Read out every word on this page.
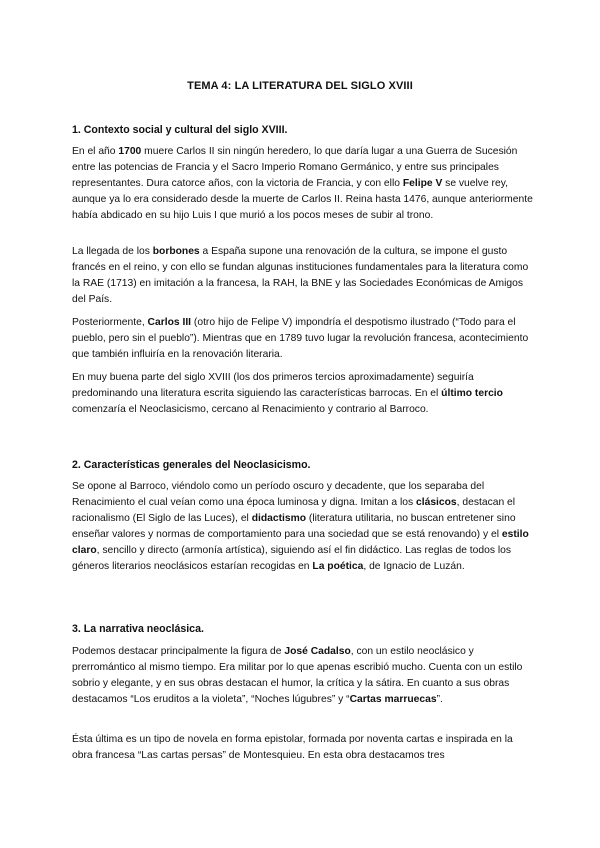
TEMA 4: LA LITERATURA DEL SIGLO XVIII
1. Contexto social y cultural del siglo XVIII.

En el año 1700 muere Carlos II sin ningún heredero, lo que daría lugar a una Guerra de Sucesión entre las potencias de Francia y el Sacro Imperio Romano Germánico, y entre sus principales representantes. Dura catorce años, con la victoria de Francia, y con ello Felipe V se vuelve rey, aunque ya lo era considerado desde la muerte de Carlos II. Reina hasta 1476, aunque anteriormente había abdicado en su hijo Luis I que murió a los pocos meses de subir al trono.

La llegada de los borbones a España supone una renovación de la cultura, se impone el gusto francés en el reino, y con ello se fundan algunas instituciones fundamentales para la literatura como la RAE (1713) en imitación a la francesa, la RAH, la BNE y las Sociedades Económicas de Amigos del País.

Posteriormente, Carlos III (otro hijo de Felipe V) impondría el despotismo ilustrado (“Todo para el pueblo, pero sin el pueblo”). Mientras que en 1789 tuvo lugar la revolución francesa, acontecimiento que también influiría en la renovación literaria.

En muy buena parte del siglo XVIII (los dos primeros tercios aproximadamente) seguiría predominando una literatura escrita siguiendo las características barrocas. En el último tercio comenzaría el Neoclasicismo, cercano al Renacimiento y contrario al Barroco.

2. Características generales del Neoclasicismo.

Se opone al Barroco, viéndolo como un período oscuro y decadente, que los separaba del Renacimiento el cual veían como una época luminosa y digna. Imitan a los clásicos, destacan el racionalismo (El Siglo de las Luces), el didactismo (literatura utilitaria, no buscan entretener sino enseñar valores y normas de comportamiento para una sociedad que se está renovando) y el estilo claro, sencillo y directo (armonía artística), siguiendo así el fin didáctico. Las reglas de todos los géneros literarios neoclásicos estarían recogidas en La poética, de Ignacio de Luzán.

3. La narrativa neoclásica.

Podemos destacar principalmente la figura de José Cadalso, con un estilo neoclásico y prerromántico al mismo tiempo. Era militar por lo que apenas escribió mucho. Cuenta con un estilo sobrio y elegante, y en sus obras destacan el humor, la crítica y la sátira. En cuanto a sus obras destacamos “Los eruditos a la violeta”, “Noches lúgubres” y “Cartas marruecas”.

Ésta última es un tipo de novela en forma epistolar, formada por noventa cartas e inspirada en la obra francesa “Las cartas persas” de Montesquieu. En esta obra destacamos tres
